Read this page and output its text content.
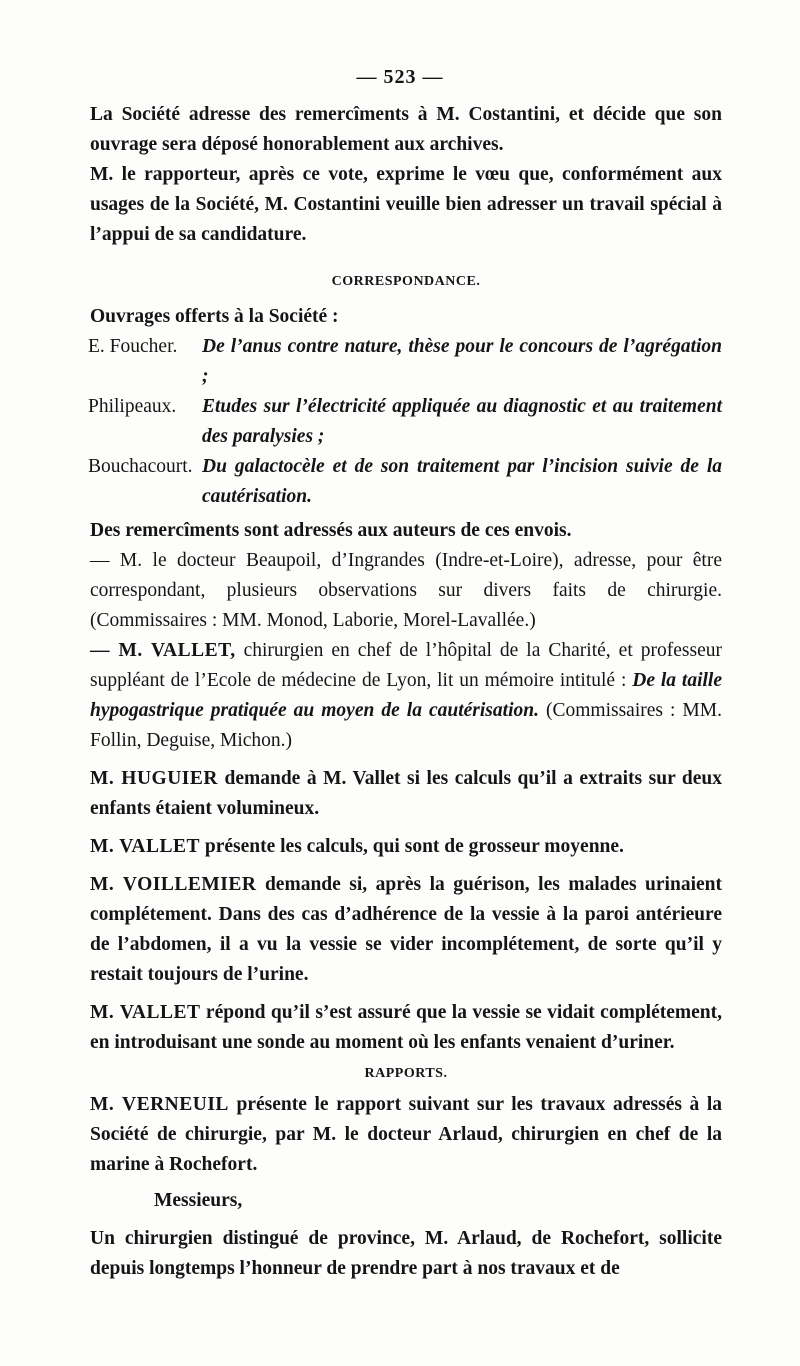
— 523 —

La Société adresse des remercîments à M. Costantini, et décide que son ouvrage sera déposé honorablement aux archives.

M. le rapporteur, après ce vote, exprime le vœu que, conformément aux usages de la Société, M. Costantini veuille bien adresser un travail spécial à l’appui de sa candidature.

CORRESPONDANCE.

Ouvrages offerts à la Société :

E. Foucher. De l’anus contre nature, thèse pour le concours de l’agrégation ;
Philipeaux. Etudes sur l’électricité appliquée au diagnostic et au traitement des paralysies ;
Bouchacourt. Du galactocèle et de son traitement par l’incision suivie de la cautérisation.

Des remercîments sont adressés aux auteurs de ces envois.

— M. le docteur Beaupoil, d’Ingrandes (Indre-et-Loire), adresse, pour être correspondant, plusieurs observations sur divers faits de chirurgie. (Commissaires : MM. Monod, Laborie, Morel-Lavallée.)

— M. VALLET, chirurgien en chef de l’hôpital de la Charité, et professeur suppléant de l’Ecole de médecine de Lyon, lit un mémoire intitulé : De la taille hypogastrique pratiquée au moyen de la cautérisation. (Commissaires : MM. Follin, Deguise, Michon.)

M. HUGUIER demande à M. Vallet si les calculs qu’il a extraits sur deux enfants étaient volumineux.

M. VALLET présente les calculs, qui sont de grosseur moyenne.

M. VOILLEMIER demande si, après la guérison, les malades urinaient complétement. Dans des cas d’adhérence de la vessie à la paroi antérieure de l’abdomen, il a vu la vessie se vider incomplétement, de sorte qu’il y restait toujours de l’urine.

M. VALLET répond qu’il s’est assuré que la vessie se vidait complétement, en introduisant une sonde au moment où les enfants venaient d’uriner.

RAPPORTS.

M. VERNEUIL présente le rapport suivant sur les travaux adressés à la Société de chirurgie, par M. le docteur Arlaud, chirurgien en chef de la marine à Rochefort.

Messieurs,

Un chirurgien distingué de province, M. Arlaud, de Rochefort, sollicite depuis longtemps l’honneur de prendre part à nos travaux et de
